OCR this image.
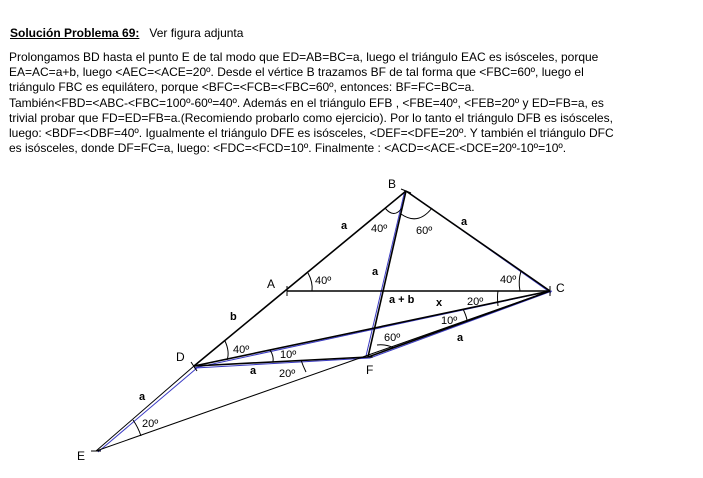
Solución Problema 69: Ver figura adjunta
Prolongamos BD hasta el punto E de tal modo que ED=AB=BC=a, luego el triángulo EAC es isósceles, porque
EA=AC=a+b, luego <AEC=<ACE=20º. Desde el vértice B trazamos BF de tal forma que <FBC=60º, luego el
triángulo FBC es equilátero, porque <BFC=<FCB=<FBC=60º, entonces: BF=FC=BC=a.
También<FBD=<ABC-<FBC=100º-60º=40º. Además en el triángulo EFB , <FBE=40º, <FEB=20º y ED=FB=a, es
trivial probar que FD=ED=FB=a.(Recomiendo probarlo como ejercicio). Por lo tanto el triángulo DFB es isósceles,
luego: <BDF=<DBF=40º. Igualmente el triángulo DFE es isósceles, <DEF=<DFE=20º. Y también el triángulo DFC
es isósceles, donde DF=FC=a, luego: <FDC=<FCD=10º. Finalmente : <ACD=<ACE-<DCE=20º-10º=10º.
B
A	C
D
F
E
a	a
a
a + b
b
a
a
a
40º	60º
40º	40º
20º
x
10º
60º
40º	10º
20º
20º
